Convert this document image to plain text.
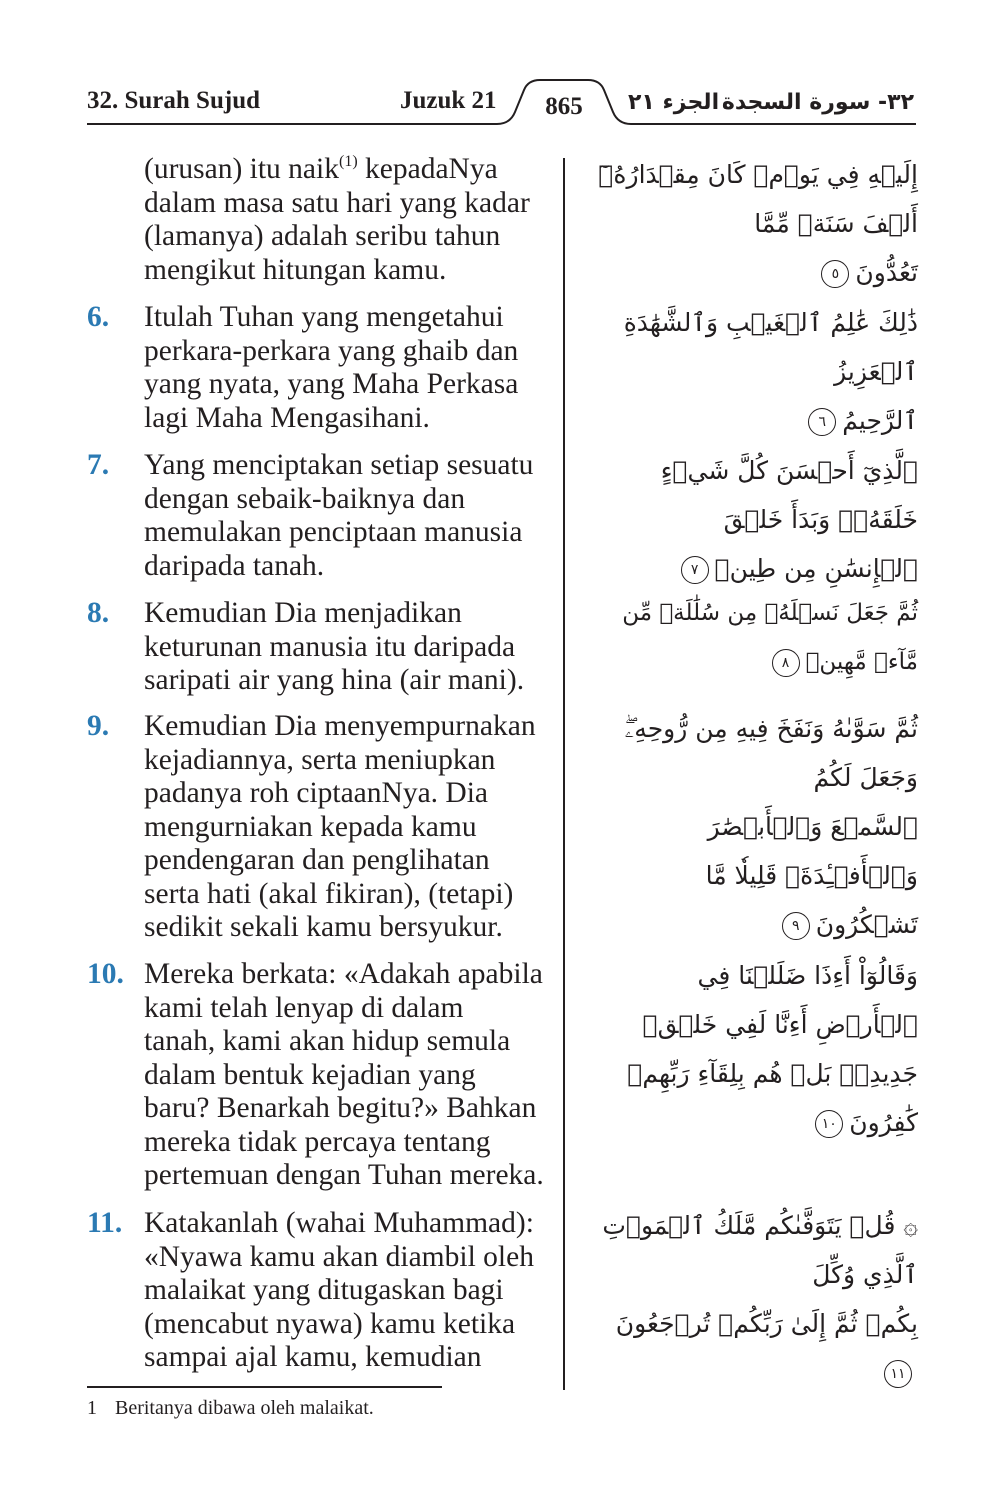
32. Surah Sujud	Juzuk 21	865	الجزء ٢١ ٣٢- سورة السجدة
(urusan) itu naik$^{(1)}$ kepadaNya
dalam masa satu hari yang kadar
(lamanya) adalah seribu tahun
mengikut hitungan kamu.
6. Itulah Tuhan yang mengetahui
perkara-perkara yang ghaib dan
yang nyata, yang Maha Perkasa
lagi Maha Mengasihani.
7. Yang menciptakan setiap sesuatu
dengan sebaik-baiknya dan
memulakan penciptaan manusia
daripada tanah.
8. Kemudian Dia menjadikan
keturunan manusia itu daripada
saripati air yang hina (air mani).
9. Kemudian Dia menyempurnakan
kejadiannya, serta meniupkan
padanya roh ciptaanNya. Dia
mengurniakan kepada kamu
pendengaran dan penglihatan
serta hati (akal fikiran), (tetapi)
sedikit sekali kamu bersyukur.
10. Mereka berkata: «Adakah apabila
kami telah lenyap di dalam
tanah, kami akan hidup semula
dalam bentuk kejadian yang
baru? Benarkah begitu?» Bahkan
mereka tidak percaya tentang
pertemuan dengan Tuhan mereka.
11. Katakanlah (wahai Muhammad):
«Nyawa kamu akan diambil oleh
malaikat yang ditugaskan bagi
(mencabut nyawa) kamu ketika
sampai ajal kamu, kemudian
إِلَيۡهِ فِي يَوۡمٖ كَانَ مِقۡدَارُهُۥٓ أَلۡفَ سَنَةٖ مِّمَّا
تَعُدُّونَ٥
ذَٰلِكَ عَٰلِمُ ٱلۡغَيۡبِ وَٱلشَّهَٰدَةِ ٱلۡعَزِيزُ
ٱلرَّحِيمُ٦
ٱلَّذِيٓ أَحۡسَنَ كُلَّ شَيۡءٍ خَلَقَهُۥۖ وَبَدَأَ خَلۡقَ
ٱلۡإِنسَٰنِ مِن طِينٖ٧
ثُمَّ جَعَلَ نَسۡلَهُۥ مِن سُلَٰلَةٖ مِّن مَّآءٖ مَّهِينٖ٨
ثُمَّ سَوَّىٰهُ وَنَفَخَ فِيهِ مِن رُّوحِهِۦۖ وَجَعَلَ لَكُمُ
ٱلسَّمۡعَ وَٱلۡأَبۡصَٰرَ وَٱلۡأَفۡـِٔدَةَۚ قَلِيلٗا مَّا
تَشۡكُرُونَ٩
وَقَالُوٓاْ أَءِذَا ضَلَلۡنَا فِي ٱلۡأَرۡضِ أَءِنَّا لَفِي خَلۡقٖ
جَدِيدِۭۚ بَلۡ هُم بِلِقَآءِ رَبِّهِمۡ كَٰفِرُونَ١٠
۞ قُلۡ يَتَوَفَّىٰكُم مَّلَكُ ٱلۡمَوۡتِ ٱلَّذِي وُكِّلَ
بِكُمۡ ثُمَّ إِلَىٰ رَبِّكُمۡ تُرۡجَعُونَ١١
1 Beritanya dibawa oleh malaikat.
